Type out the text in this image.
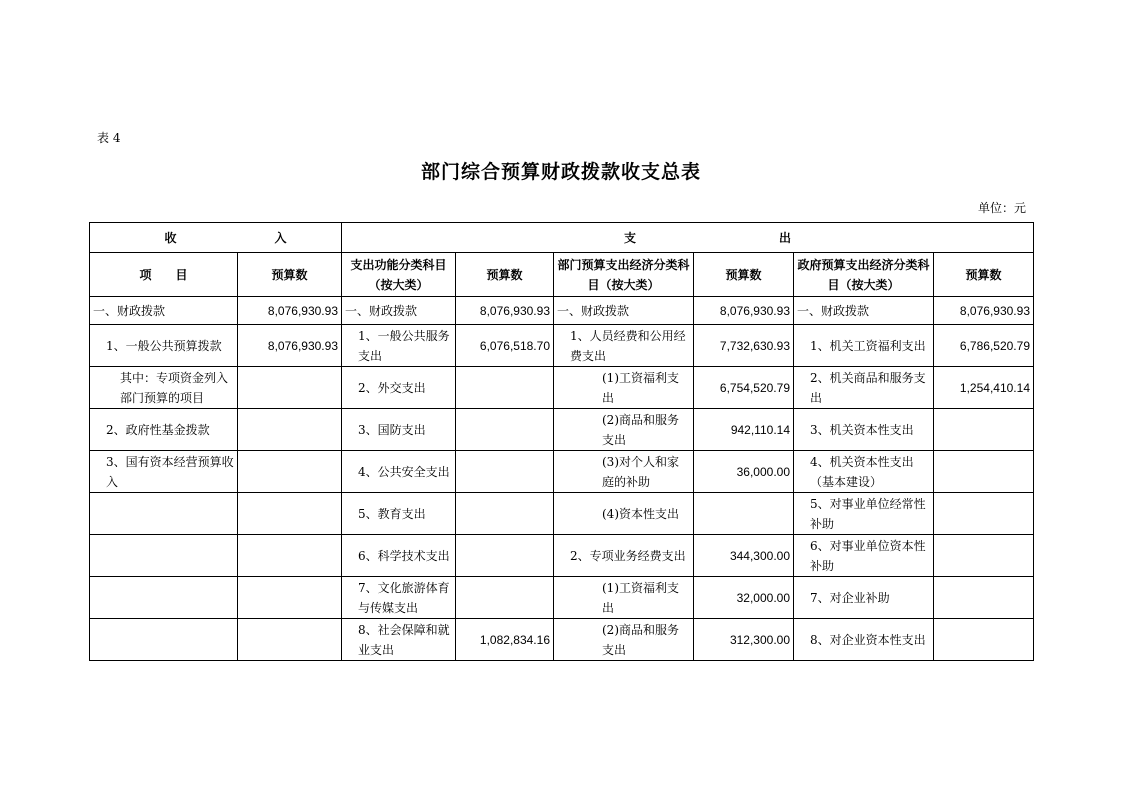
表 4
部门综合预算财政拨款收支总表
单位：元
收 入		支 出					
项　　目	预算数	支出功能分类科目（按大类）	预算数	部门预算支出经济分类科目（按大类）	预算数	政府预算支出经济分类科目（按大类）	预算数
一、财政拨款	8,076,930.93	一、财政拨款	8,076,930.93	一、财政拨款	8,076,930.93	一、财政拨款	8,076,930.93
1、一般公共预算拨款	8,076,930.93	1、一般公共服务支出	6,076,518.70	1、人员经费和公用经费支出	7,732,630.93	1、机关工资福利支出	6,786,520.79
其中：专项资金列入部门预算的项目		2、外交支出		(1)工资福利支出	6,754,520.79	2、机关商品和服务支出	1,254,410.14
2、政府性基金拨款		3、国防支出		(2)商品和服务支出	942,110.14	3、机关资本性支出	
3、国有资本经营预算收入		4、公共安全支出		(3)对个人和家庭的补助	36,000.00	4、机关资本性支出（基本建设）	
		5、教育支出		(4)资本性支出		5、对事业单位经常性补助	
		6、科学技术支出		2、专项业务经费支出	344,300.00	6、对事业单位资本性补助	
		7、文化旅游体育与传媒支出		(1)工资福利支出	32,000.00	7、对企业补助	
		8、社会保障和就业支出	1,082,834.16	(2)商品和服务支出	312,300.00	8、对企业资本性支出	
